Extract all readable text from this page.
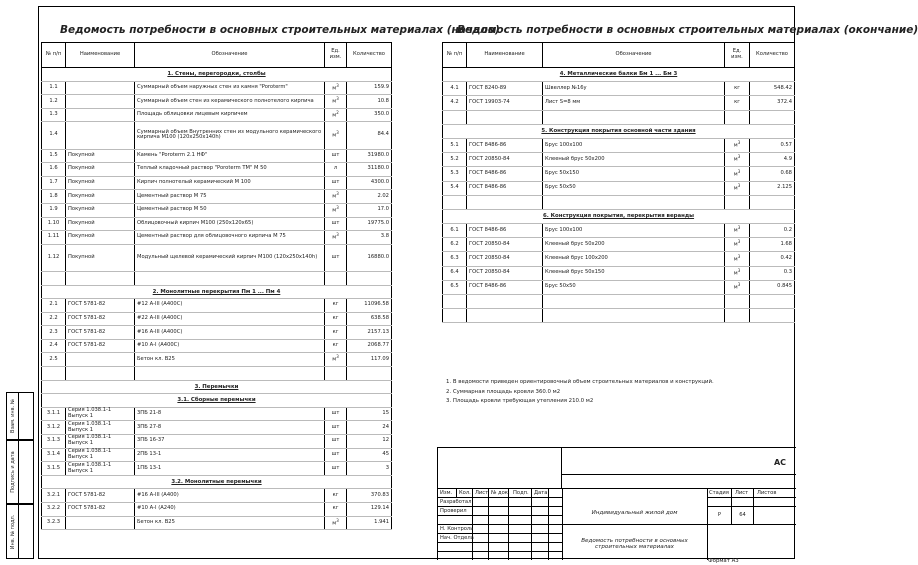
Взам. инв. №
Подпись и дата
Инв. № подл.
Ведомость потребности в основных строительных материалах (начало)
№ п/п	Наименование	Обозначение	Ед. изм.	Количество
1. Стены, перегородки, столбы				
1.1		Суммарный объем наружных стен из камня "Poroterm"	$м^3$	159.9
1.2		Суммарный объем стен из керамического полнотелого кирпича	$м^3$	10.8
1.3		Площадь облицовки лицевым кирпичем	$м^2$	350.0
1.4		Суммарный объем Внутренних стен из модульного керамического кирпича М100 (120х250х140h)	$м^3$	84.4
1.5	Покупной	Камень "Poroterm 2.1 НФ"	шт	31980.0
1.6	Покупной	Теплый кладочный раствор "Poroterm ТМ" М 50	л	31180.0
1.7	Покупной	Кирпич полнотелый керамический М 100	шт	4300.0
1.8	Покупной	Цементный раствор М 75	$м^3$	2.02
1.9	Покупной	Цементный раствор М 50	$м^3$	17.0
1.10	Покупной	Облицовочный кирпич М100 (250х120х65)	шт	19775.0
1.11	Покупной	Цементный раствор для облицовочного кирпича М 75	$м^3$	3.8
1.12	Покупной	Модульный щелевой керамический кирпич М100 (120х250х140h)	шт	16880.0

2. Монолитные перекрытия Пм 1 ... Пм 4				
2.1	ГОСТ 5781-82	#12 А-III (А400С)	кг	11096.58
2.2	ГОСТ 5781-82	#22 А-III (А400С)	кг	638.58
2.3	ГОСТ 5781-82	#16 А-III (А400С)	кг	2157.13
2.4	ГОСТ 5781-82	#10 А-I (А400С)	кг	2068.77
2.5		Бетон кл. В25	$м^3$	117.09

3. Перемычки				
3.1. Сборные перемычки				
3.1.1	Серия 1.038.1-1 Выпуск 1	3ПБ 21-8	шт	15
3.1.2	Серия 1.038.1-1 Выпуск 1	3ПБ 27-8	шт	24
3.1.3	Серия 1.038.1-1 Выпуск 1	3ПБ 16-37	шт	12
3.1.4	Серия 1.038.1-1 Выпуск 1	2ПБ 13-1	шт	45
3.1.5	Серия 1.038.1-1 Выпуск 1	1ПБ 13-1	шт	3
3.2. Монолитные перемычки				
3.2.1	ГОСТ 5781-82	#16 А-III (А400)	кг	370.83
3.2.2	ГОСТ 5781-82	#10 А-I (А240)	кг	129.14
3.2.3		Бетон кл. В25	$м^3$	1.941
Ведомость потребности в основных строительных материалах (окончание)
№ п/п	Наименование	Обозначение	Ед. изм.	Количество
4. Металлические балки Бм 1 ... Бм 3				
4.1	ГОСТ 8240-89	Швеллер №16у	кг	548.42
4.2	ГОСТ 19903-74	Лист S=8 мм	кг	372.4

5. Конструкция покрытия основной части здания				
5.1	ГОСТ 8486-86	Брус 100х100	$м^3$	0.57
5.2	ГОСТ 20850-84	Клееный брус 50х200	$м^3$	4.9
5.3	ГОСТ 8486-86	Брус 50х150	$м^3$	0.68
5.4	ГОСТ 8486-86	Брус 50х50	$м^3$	2.125

6. Конструкция покрытия, перекрытия веранды				
6.1	ГОСТ 8486-86	Брус 100х100	$м^3$	0.2
6.2	ГОСТ 20850-84	Клееный брус 50х200	$м^3$	1.68
6.3	ГОСТ 20850-84	Клееный брус 100х200	$м^3$	0.42
6.4	ГОСТ 20850-84	Клееный брус 50х150	$м^3$	0.3
6.5	ГОСТ 8486-86	Брус 50х50	$м^3$	0.845

1. В ведомости приведен ориентировочный объем строительных материалов и конструкций.
2. Суммарная площадь кровли 360.0 м2
3. Площадь кровли требующая утепления 210.0 м2
АС
Изм. Кол. Лист № док. Подп. Дата
Разработал
Проверил
Н. Контроль
Нач. Отдела
Индивидуальный жилой дом
Ведомость потребности в основных строительных материалах
Стадия Лист Листов
Р	64
Формат А3
